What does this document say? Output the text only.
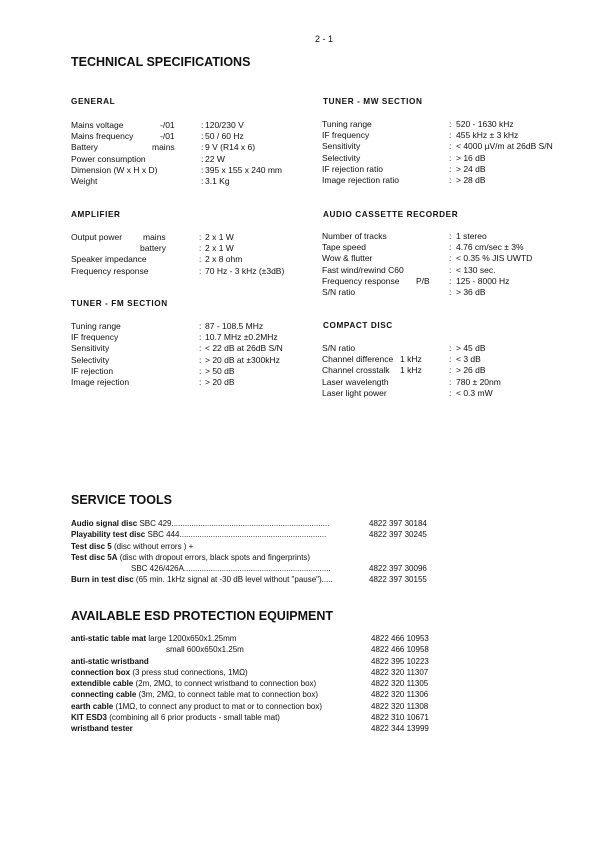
2 - 1
TECHNICAL SPECIFICATIONS
GENERAL
AMPLIFIER
TUNER - FM SECTION
TUNER - MW SECTION
AUDIO CASSETTE RECORDER
COMPACT DISC
Mains voltage	-/01	: 120/230 V
Mains frequency	-/01	: 50 / 60 Hz
Battery	mains	: 9 V (R14 x 6)
Power consumption	: 22 W
Dimension (W x H x D)	: 395 x 155 x 240 mm
Weight	: 3.1 Kg
Output power mains	: 2 x 1 W
battery	: 2 x 1 W
Speaker impedance	: 2 x 8 ohm
Frequency response	: 70 Hz - 3 kHz (±3dB)
Tuning range	: 87 - 108.5 MHz
IF frequency	: 10.7 MHz ±0.2MHz
Sensitivity	: < 22 dB at 26dB S/N
Selectivity	: > 20 dB at ±300kHz
IF rejection	: > 50 dB
Image rejection	: > 20 dB
Tuning range	: 520 - 1630 kHz
IF frequency	: 455 kHz ± 3 kHz
Sensitivity	: < 4000 µV/m at 26dB S/N
Selectivity	: > 16 dB
IF rejection ratio	: > 24 dB
Image rejection ratio	: > 28 dB
Number of tracks	: 1 stereo
Tape speed	: 4.76 cm/sec ± 3%
Wow & flutter	: < 0.35 % JIS UWTD
Fast wind/rewind C60	: < 130 sec.
Frequency response P/B : 125 - 8000 Hz
S/N ratio	: > 36 dB
S/N ratio	: > 45 dB
Channel difference 1 kHz	: < 3 dB
Channel crosstalk 1 kHz	: > 26 dB
Laser wavelength	: 780 ± 20nm
Laser light power	: < 0.3 mW
SERVICE TOOLS
Audio signal disc SBC 429.......................................................................	4822 397 30184
Playability test disc SBC 444..................................................................	4822 397 30245
Test disc 5 (disc without errors ) +
Test disc 5A (disc with dropout errors, black spots and fingerprints)
SBC 426/426A..................................................................	4822 397 30096
Burn in test disc (65 min. 1kHz signal at -30 dB level without "pause").....	4822 397 30155
AVAILABLE ESD PROTECTION EQUIPMENT
anti-static table mat large 1200x650x1.25mm	4822 466 10953
small 600x650x1.25m	4822 466 10958
anti-static wristband	4822 395 10223
connection box (3 press stud connections, 1MΩ)	4822 320 11307
extendible cable (2m, 2MΩ, to connect wristband to connection box)	4822 320 11305
connecting cable (3m, 2MΩ, to connect table mat to connection box)	4822 320 11306
earth cable (1MΩ, to connect any product to mat or to connection box)	4822 320 11308
KIT ESD3 (combining all 6 prior products - small table mat)	4822 310 10671
wristband tester	4822 344 13999
